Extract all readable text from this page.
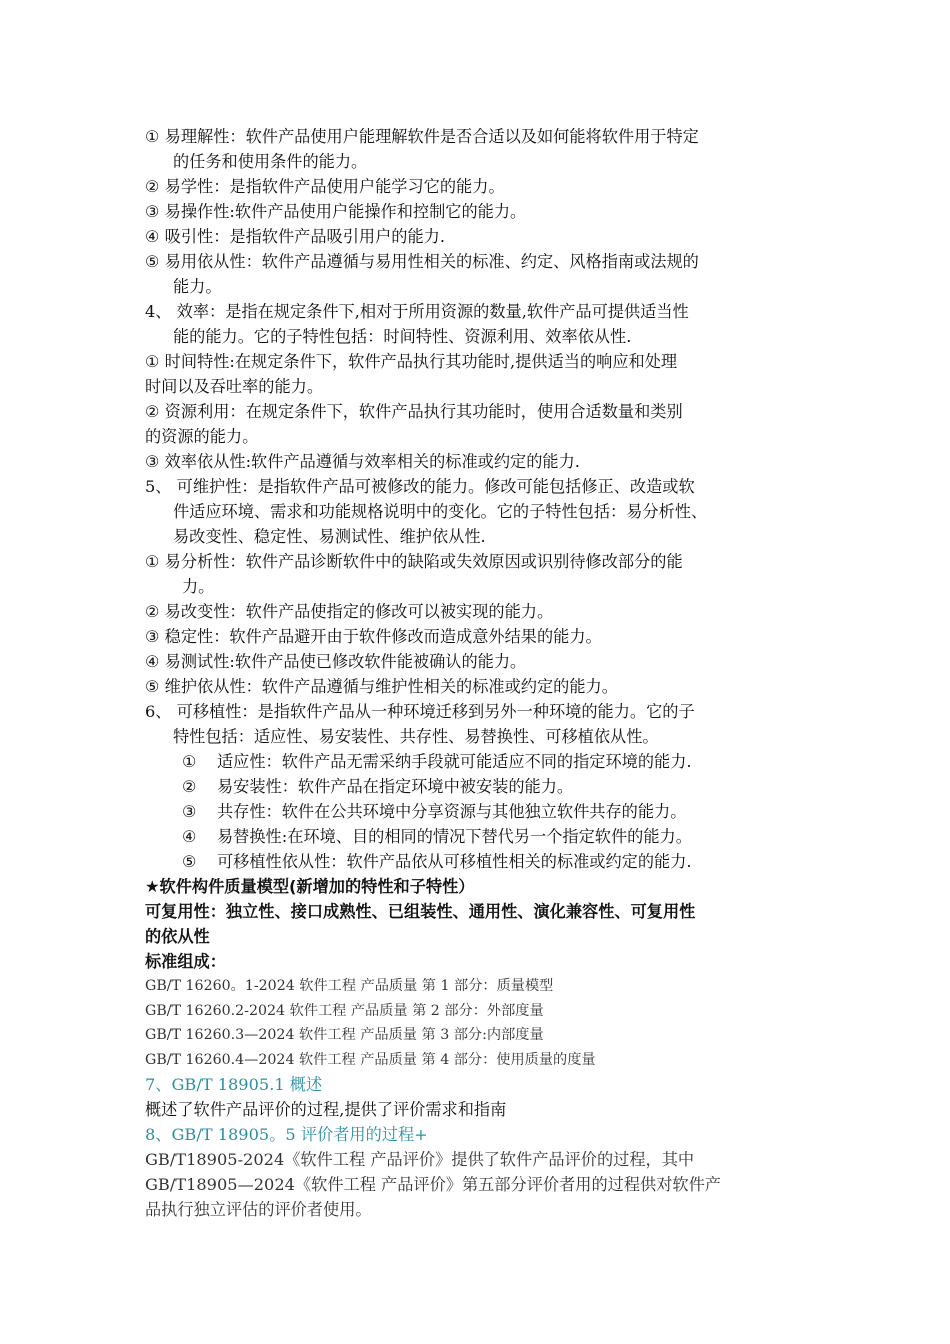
① 易理解性：软件产品使用户能理解软件是否合适以及如何能将软件用于特定
的任务和使用条件的能力。
② 易学性：是指软件产品使用户能学习它的能力。
③ 易操作性:软件产品使用户能操作和控制它的能力。
④ 吸引性：是指软件产品吸引用户的能力.
⑤ 易用依从性：软件产品遵循与易用性相关的标准、约定、风格指南或法规的
能力。
4、 效率：是指在规定条件下,相对于所用资源的数量,软件产品可提供适当性
能的能力。它的子特性包括：时间特性、资源利用、效率依从性.
① 时间特性:在规定条件下，软件产品执行其功能时,提供适当的响应和处理
时间以及吞吐率的能力。
② 资源利用：在规定条件下，软件产品执行其功能时，使用合适数量和类别
的资源的能力。
③ 效率依从性:软件产品遵循与效率相关的标准或约定的能力.
5、 可维护性：是指软件产品可被修改的能力。修改可能包括修正、改造或软
件适应环境、需求和功能规格说明中的变化。它的子特性包括：易分析性、
易改变性、稳定性、易测试性、维护依从性.
① 易分析性：软件产品诊断软件中的缺陷或失效原因或识别待修改部分的能
力。
② 易改变性：软件产品使指定的修改可以被实现的能力。
③ 稳定性：软件产品避开由于软件修改而造成意外结果的能力。
④ 易测试性:软件产品使已修改软件能被确认的能力。
⑤ 维护依从性：软件产品遵循与维护性相关的标准或约定的能力。
6、 可移植性：是指软件产品从一种环境迁移到另外一种环境的能力。它的子
特性包括：适应性、易安装性、共存性、易替换性、可移植依从性。
① 适应性：软件产品无需采纳手段就可能适应不同的指定环境的能力.
② 易安装性：软件产品在指定环境中被安装的能力。
③ 共存性：软件在公共环境中分享资源与其他独立软件共存的能力。
④ 易替换性:在环境、目的相同的情况下替代另一个指定软件的能力。
⑤ 可移植性依从性：软件产品依从可移植性相关的标准或约定的能力.
★软件构件质量模型(新增加的特性和子特性）
可复用性：独立性、接口成熟性、已组装性、通用性、演化兼容性、可复用性
的依从性
标准组成：
GB/T 16260。1-2024 软件工程 产品质量 第 1 部分：质量模型
GB/T 16260.2-2024 软件工程 产品质量 第 2 部分：外部度量
GB/T 16260.3—2024 软件工程 产品质量 第 3 部分:内部度量
GB/T 16260.4—2024 软件工程 产品质量 第 4 部分：使用质量的度量
7、GB/T 18905.1 概述
概述了软件产品评价的过程,提供了评价需求和指南
8、GB/T 18905。5 评价者用的过程+
GB/T18905-2024《软件工程 产品评价》提供了软件产品评价的过程，其中
GB/T18905—2024《软件工程 产品评价》第五部分评价者用的过程供对软件产
品执行独立评估的评价者使用。
